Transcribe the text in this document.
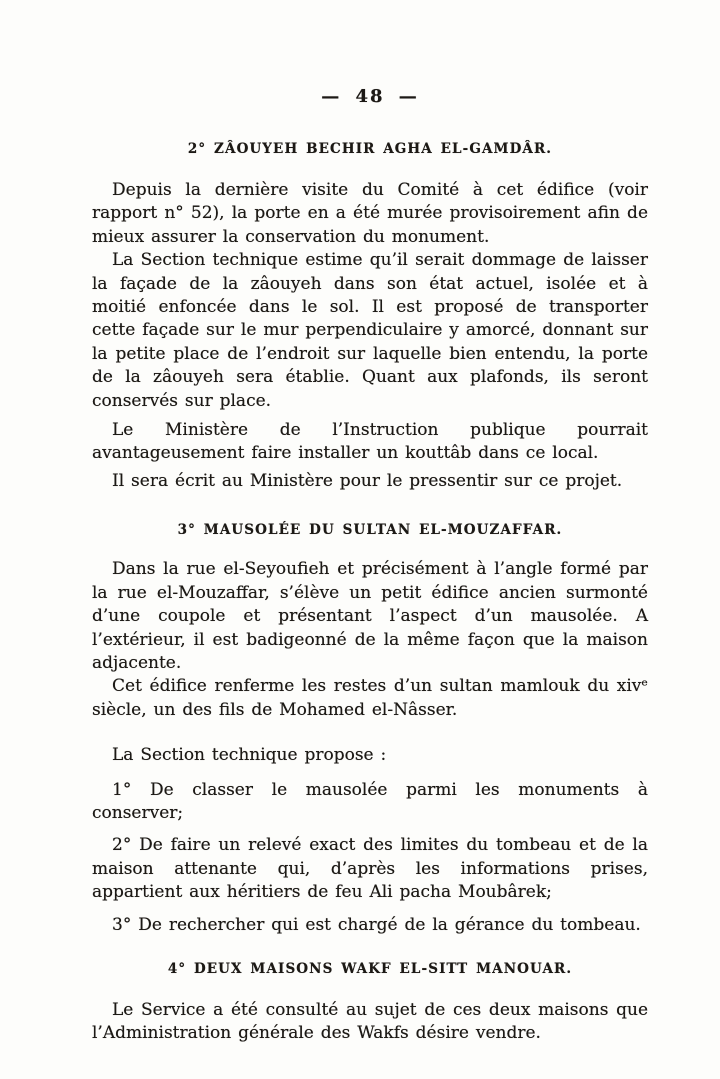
— 48 —
2° ZÂOUYEH BECHIR AGHA EL-GAMDÂR.

Depuis la dernière visite du Comité à cet édifice (voir rapport n° 52), la porte en a été murée provisoirement afin de mieux assurer la conservation du monument.

La Section technique estime qu’il serait dommage de laisser la façade de la zâouyeh dans son état actuel, isolée et à moitié enfoncée dans le sol. Il est proposé de transporter cette façade sur le mur perpendiculaire y amorcé, donnant sur la petite place de l’endroit sur laquelle bien entendu, la porte de la zâouyeh sera établie. Quant aux plafonds, ils seront conservés sur place.

Le Ministère de l’Instruction publique pourrait avantageusement faire installer un kouttâb dans ce local.

Il sera écrit au Ministère pour le pressentir sur ce projet.

3° MAUSOLÉE DU SULTAN EL-MOUZAFFAR.

Dans la rue el-Seyoufieh et précisément à l’angle formé par la rue el-Mouzaffar, s’élève un petit édifice ancien surmonté d’une coupole et présentant l’aspect d’un mausolée. A l’extérieur, il est badigeonné de la même façon que la maison adjacente.

Cet édifice renferme les restes d’un sultan mamlouk du xivᵉ siècle, un des fils de Mohamed el-Nâsser.

La Section technique propose :

1° De classer le mausolée parmi les monuments à conserver;

2° De faire un relevé exact des limites du tombeau et de la maison attenante qui, d’après les informations prises, appartient aux héritiers de feu Ali pacha Moubârek;

3° De rechercher qui est chargé de la gérance du tombeau.

4° DEUX MAISONS WAKF EL-SITT MANOUAR.

Le Service a été consulté au sujet de ces deux maisons que l’Administration générale des Wakfs désire vendre.
